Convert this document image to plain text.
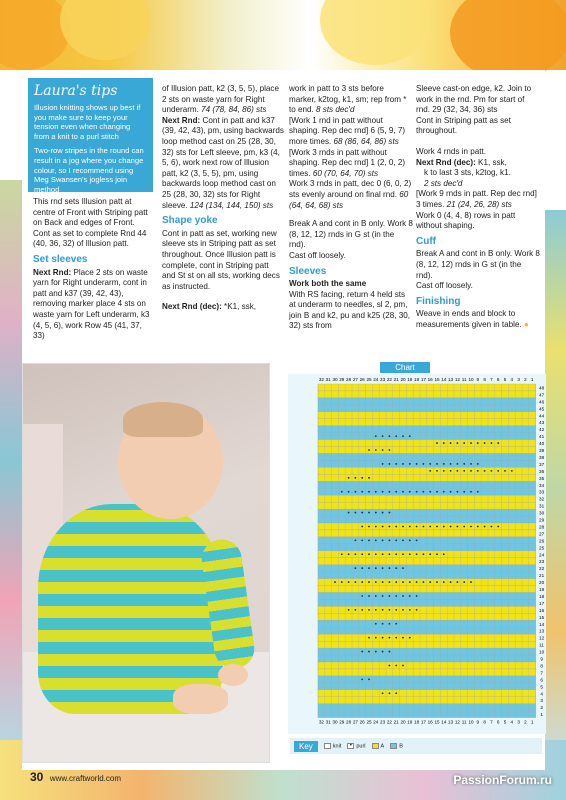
Laura's tips

Illusion knitting shows up best if you make sure to keep your tension even when changing from a knit to a purl stitch

Two-row stripes in the round can result in a jog where you change colour, so I recommend using Meg Swansen's jogless join method

This rnd sets Illusion patt at centre of Front with Striping patt on Back and edges of Front.

Cont as set to complete Rnd 44 (40, 36, 32) of Illusion patt.

Set sleeves

Next Rnd: Place 2 sts on waste yarn for Right underarm, cont in patt and k37 (39, 42, 43), removing marker place 4 sts on waste yarn for Left underarm, k3 (4, 5, 6), work Row 45 (41, 37, 33)

of Illusion patt, k2 (3, 5, 5), place 2 sts on waste yarn for Right underarm. 74 (78, 84, 86) sts

Next Rnd: Cont in patt and k37 (39, 42, 43), pm, using backwards loop method cast on 25 (28, 30, 32) sts for Left sleeve, pm, k3 (4, 5, 6), work next row of Illusion patt, k2 (3, 5, 5), pm, using backwards loop method cast on 25 (28, 30, 32) sts for Right sleeve. 124 (134, 144, 150) sts

Shape yoke

Cont in patt as set, working new sleeve sts in Striping patt as set throughout. Once Illusion patt is complete, cont in Striping patt and St st on all sts, working decs as instructed.

Next Rnd (dec): *K1, ssk,

work in patt to 3 sts before marker, k2tog, k1, sm; rep from * to end. 8 sts dec'd

[Work 1 rnd in patt without shaping. Rep dec rnd] 6 (5, 9, 7) more times. 68 (86, 64, 86) sts

[Work 3 rnds in patt without shaping. Rep dec rnd] 1 (2, 0, 2) times. 60 (70, 64, 70) sts

Work 3 rnds in patt, dec 0 (6, 0, 2) sts evenly around on final rnd. 60 (64, 64, 68) sts

Break A and cont in B only. Work 8 (8, 12, 12) rnds in G st (in the rnd).

Cast off loosely.

Sleeves
Work both the same

With RS facing, return 4 held sts at underarm to needles, sl 2, pm, join B and k2, pu and k25 (28, 30, 32) sts from

Sleeve cast-on edge, k2. Join to work in the rnd. Pm for start of rnd. 29 (32, 34, 36) sts

Cont in Striping patt as set throughout.

Work 4 rnds in patt.

Next Rnd (dec): K1, ssk,

k to last 3 sts, k2tog, k1.

2 sts dec'd

[Work 9 rnds in patt. Rep dec rnd] 3 times. 21 (24, 26, 28) sts

Work 0 (4, 4, 8) rows in patt without shaping.

Cuff

Break A and cont in B only. Work 8 (8, 12, 12) rnds in G st (in the rnd).

Cast off loosely.

Finishing

Weave in ends and block to measurements given in table. ●

Chart
32
32
31
31
30
30
29
29
28
28
27
27
26
26
25
25
24
24
23
23
22
22
21
21
20
20
19
19
18
18
17
17
16
16
15
15
14
14
13
13
12
12
11
11
10
10
9
9
8
8
7
7
6
6
5
5
4
4
3
3
2
2
1
1
48
47
46
45
44
43
42
41
40
39
38
37
36
35
34
33
32
31
30
29
28
27
26
25
24
23
22
21
20
19
18
17
16
15
14
13
12
11
10
9
8
7
6
5
4
3
2
1
Key	knit	• purl	A	B
30 www.craftworld.com	PassionForum.ru
